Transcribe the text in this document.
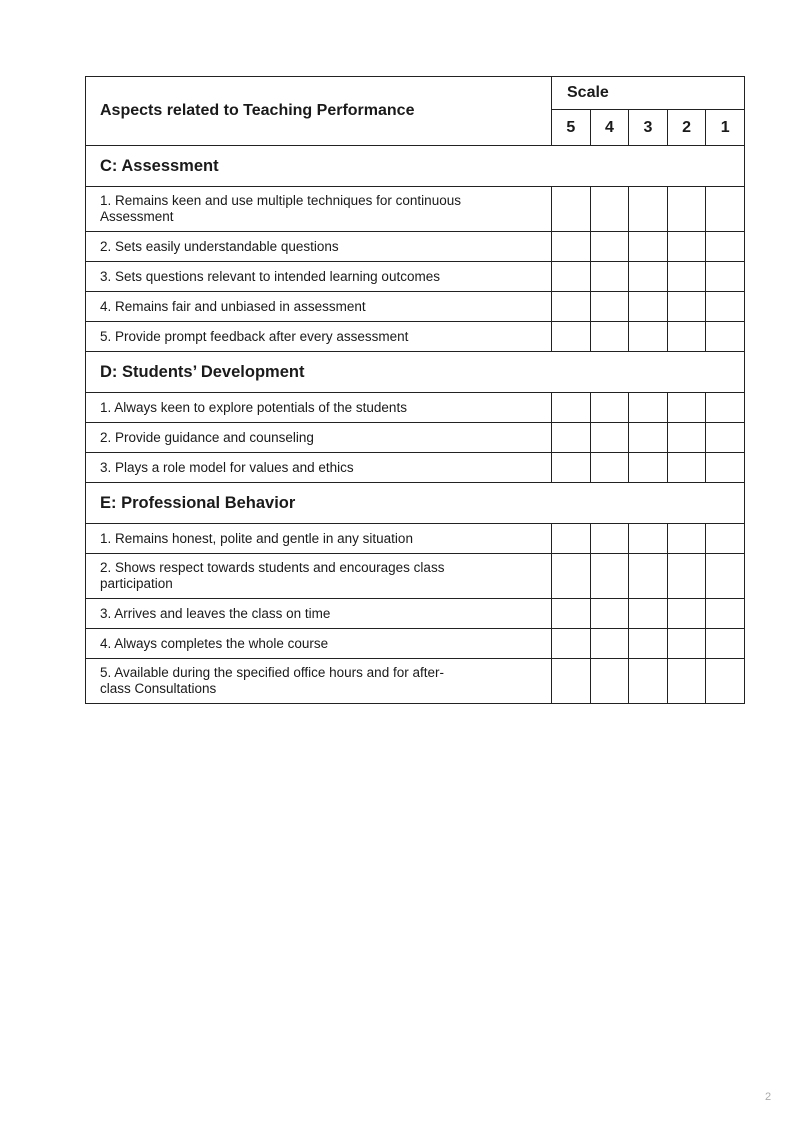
Aspects related to Teaching Performance	Scale				
	5	4	3	2	1
C: Assessment					
1. Remains keen and use multiple techniques for continuous
Assessment					
2. Sets easily understandable questions					
3. Sets questions relevant to intended learning outcomes					
4. Remains fair and unbiased in assessment					
5. Provide prompt feedback after every assessment					
D: Students’ Development					
1. Always keen to explore potentials of the students					
2. Provide guidance and counseling					
3. Plays a role model for values and ethics					
E: Professional Behavior					
1. Remains honest, polite and gentle in any situation					
2. Shows respect towards students and encourages class
participation					
3. Arrives and leaves the class on time					
4. Always completes the whole course					
5. Available during the specified office hours and for after-
class Consultations					
2
